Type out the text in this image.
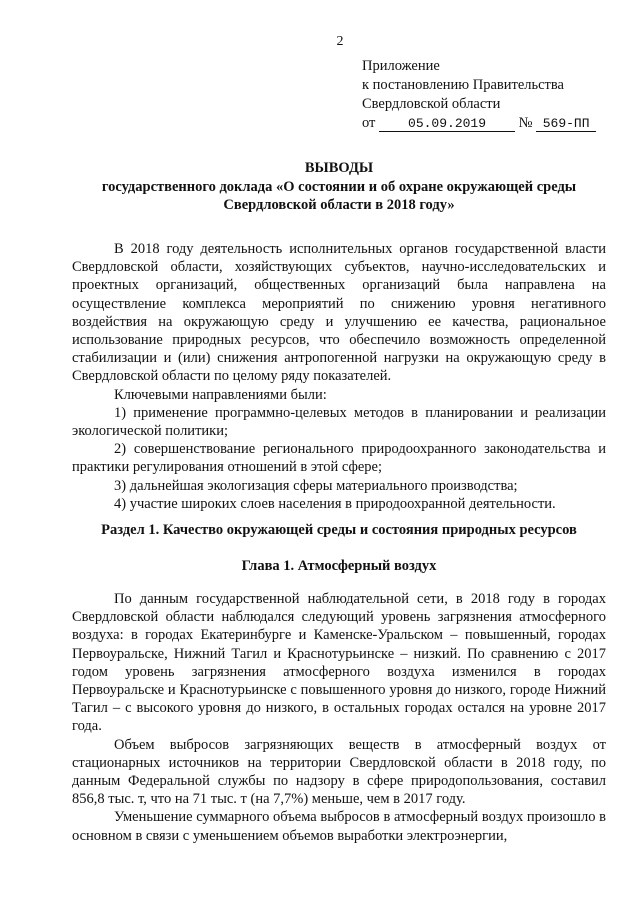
2
Приложение
к постановлению Правительства
Свердловской области
от	05.09.2019 № 569-ПП
ВЫВОДЫ
государственного доклада «О состоянии и об охране окружающей среды
Свердловской области в 2018 году»

В 2018 году деятельность исполнительных органов государственной власти Свердловской области, хозяйствующих субъектов, научно-исследовательских и проектных организаций, общественных организаций была направлена на осуществление комплекса мероприятий по снижению уровня негативного воздействия на окружающую среду и улучшению ее качества, рациональное использование природных ресурсов, что обеспечило возможность определенной стабилизации и (или) снижения антропогенной нагрузки на окружающую среду в Свердловской области по целому ряду показателей.

Ключевыми направлениями были:

1) применение программно-целевых методов в планировании и реализации экологической политики;

2) совершенствование регионального природоохранного законодательства и практики регулирования отношений в этой сфере;

3) дальнейшая экологизация сферы материального производства;

4) участие широких слоев населения в природоохранной деятельности.

Раздел 1. Качество окружающей среды и состояния природных ресурсов
Глава 1. Атмосферный воздух

По данным государственной наблюдательной сети, в 2018 году в городах Свердловской области наблюдался следующий уровень загрязнения атмосферного воздуха: в городах Екатеринбурге и Каменске-Уральском – повышенный, городах Первоуральске, Нижний Тагил и Краснотурьинске – низкий. По сравнению с 2017 годом уровень загрязнения атмосферного воздуха изменился в городах Первоуральске и Краснотурьинске с повышенного уровня до низкого, городе Нижний Тагил – с высокого уровня до низкого, в остальных городах остался на уровне 2017 года.

Объем выбросов загрязняющих веществ в атмосферный воздух от стационарных источников на территории Свердловской области в 2018 году, по данным Федеральной службы по надзору в сфере природопользования, составил 856,8 тыс. т, что на 71 тыс. т (на 7,7%) меньше, чем в 2017 году.

Уменьшение суммарного объема выбросов в атмосферный воздух произошло в основном в связи с уменьшением объемов выработки электроэнергии,
